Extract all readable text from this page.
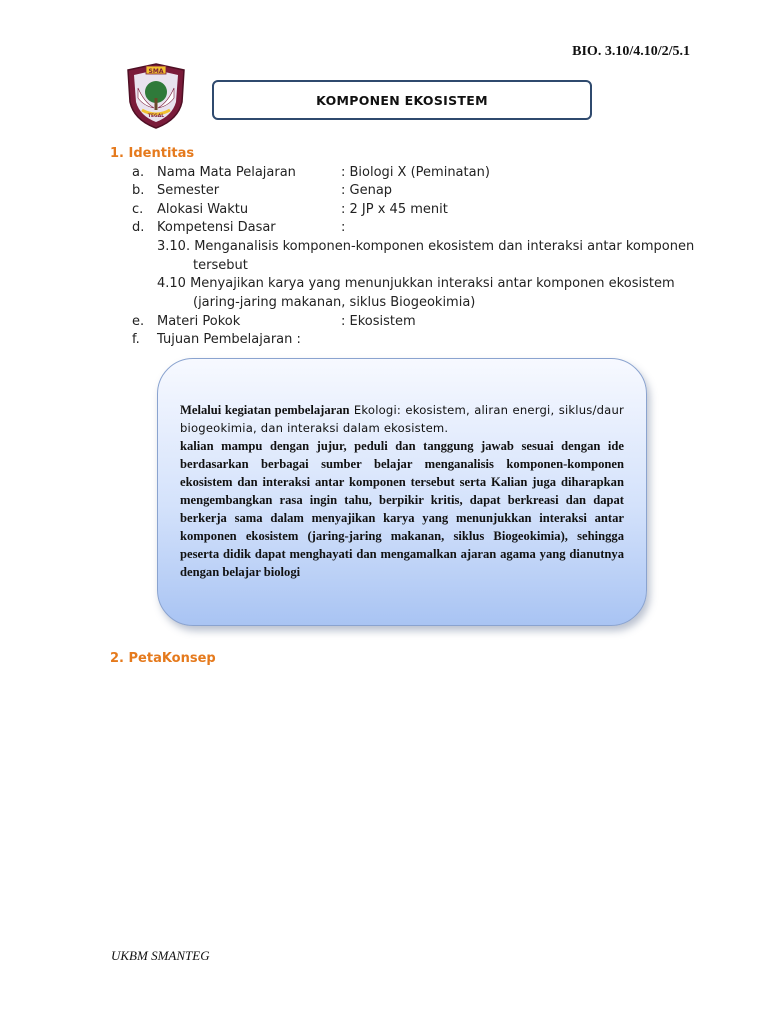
BIO. 3.10/4.10/2/5.1
SMA
TEGAL
KOMPONEN EKOSISTEM
1. Identitas
a. Nama Mata Pelajaran	: Biologi X (Peminatan)
b. Semester	: Genap
c. Alokasi Waktu	: 2 JP x 45 menit
d. Kompetensi Dasar	:
3.10. Menganalisis komponen-komponen ekosistem dan interaksi antar komponen
tersebut
4.10 Menyajikan karya yang menunjukkan interaksi antar komponen ekosistem
(jaring-jaring makanan, siklus Biogeokimia)
e. Materi Pokok	: Ekosistem
f. Tujuan Pembelajaran :
Melalui kegiatan pembelajaran Ekologi: ekosistem, aliran energi, siklus/daur biogeokimia, dan interaksi dalam ekosistem.
kalian mampu dengan jujur, peduli dan tanggung jawab sesuai dengan ide berdasarkan berbagai sumber belajar menganalisis komponen-komponen ekosistem dan interaksi antar komponen tersebut serta Kalian juga diharapkan mengembangkan rasa ingin tahu, berpikir kritis, dapat berkreasi dan dapat berkerja sama dalam menyajikan karya yang menunjukkan interaksi antar komponen ekosistem (jaring-jaring makanan, siklus Biogeokimia), sehingga peserta didik dapat menghayati dan mengamalkan ajaran agama yang dianutnya dengan belajar biologi
2. PetaKonsep
UKBM SMANTEG
